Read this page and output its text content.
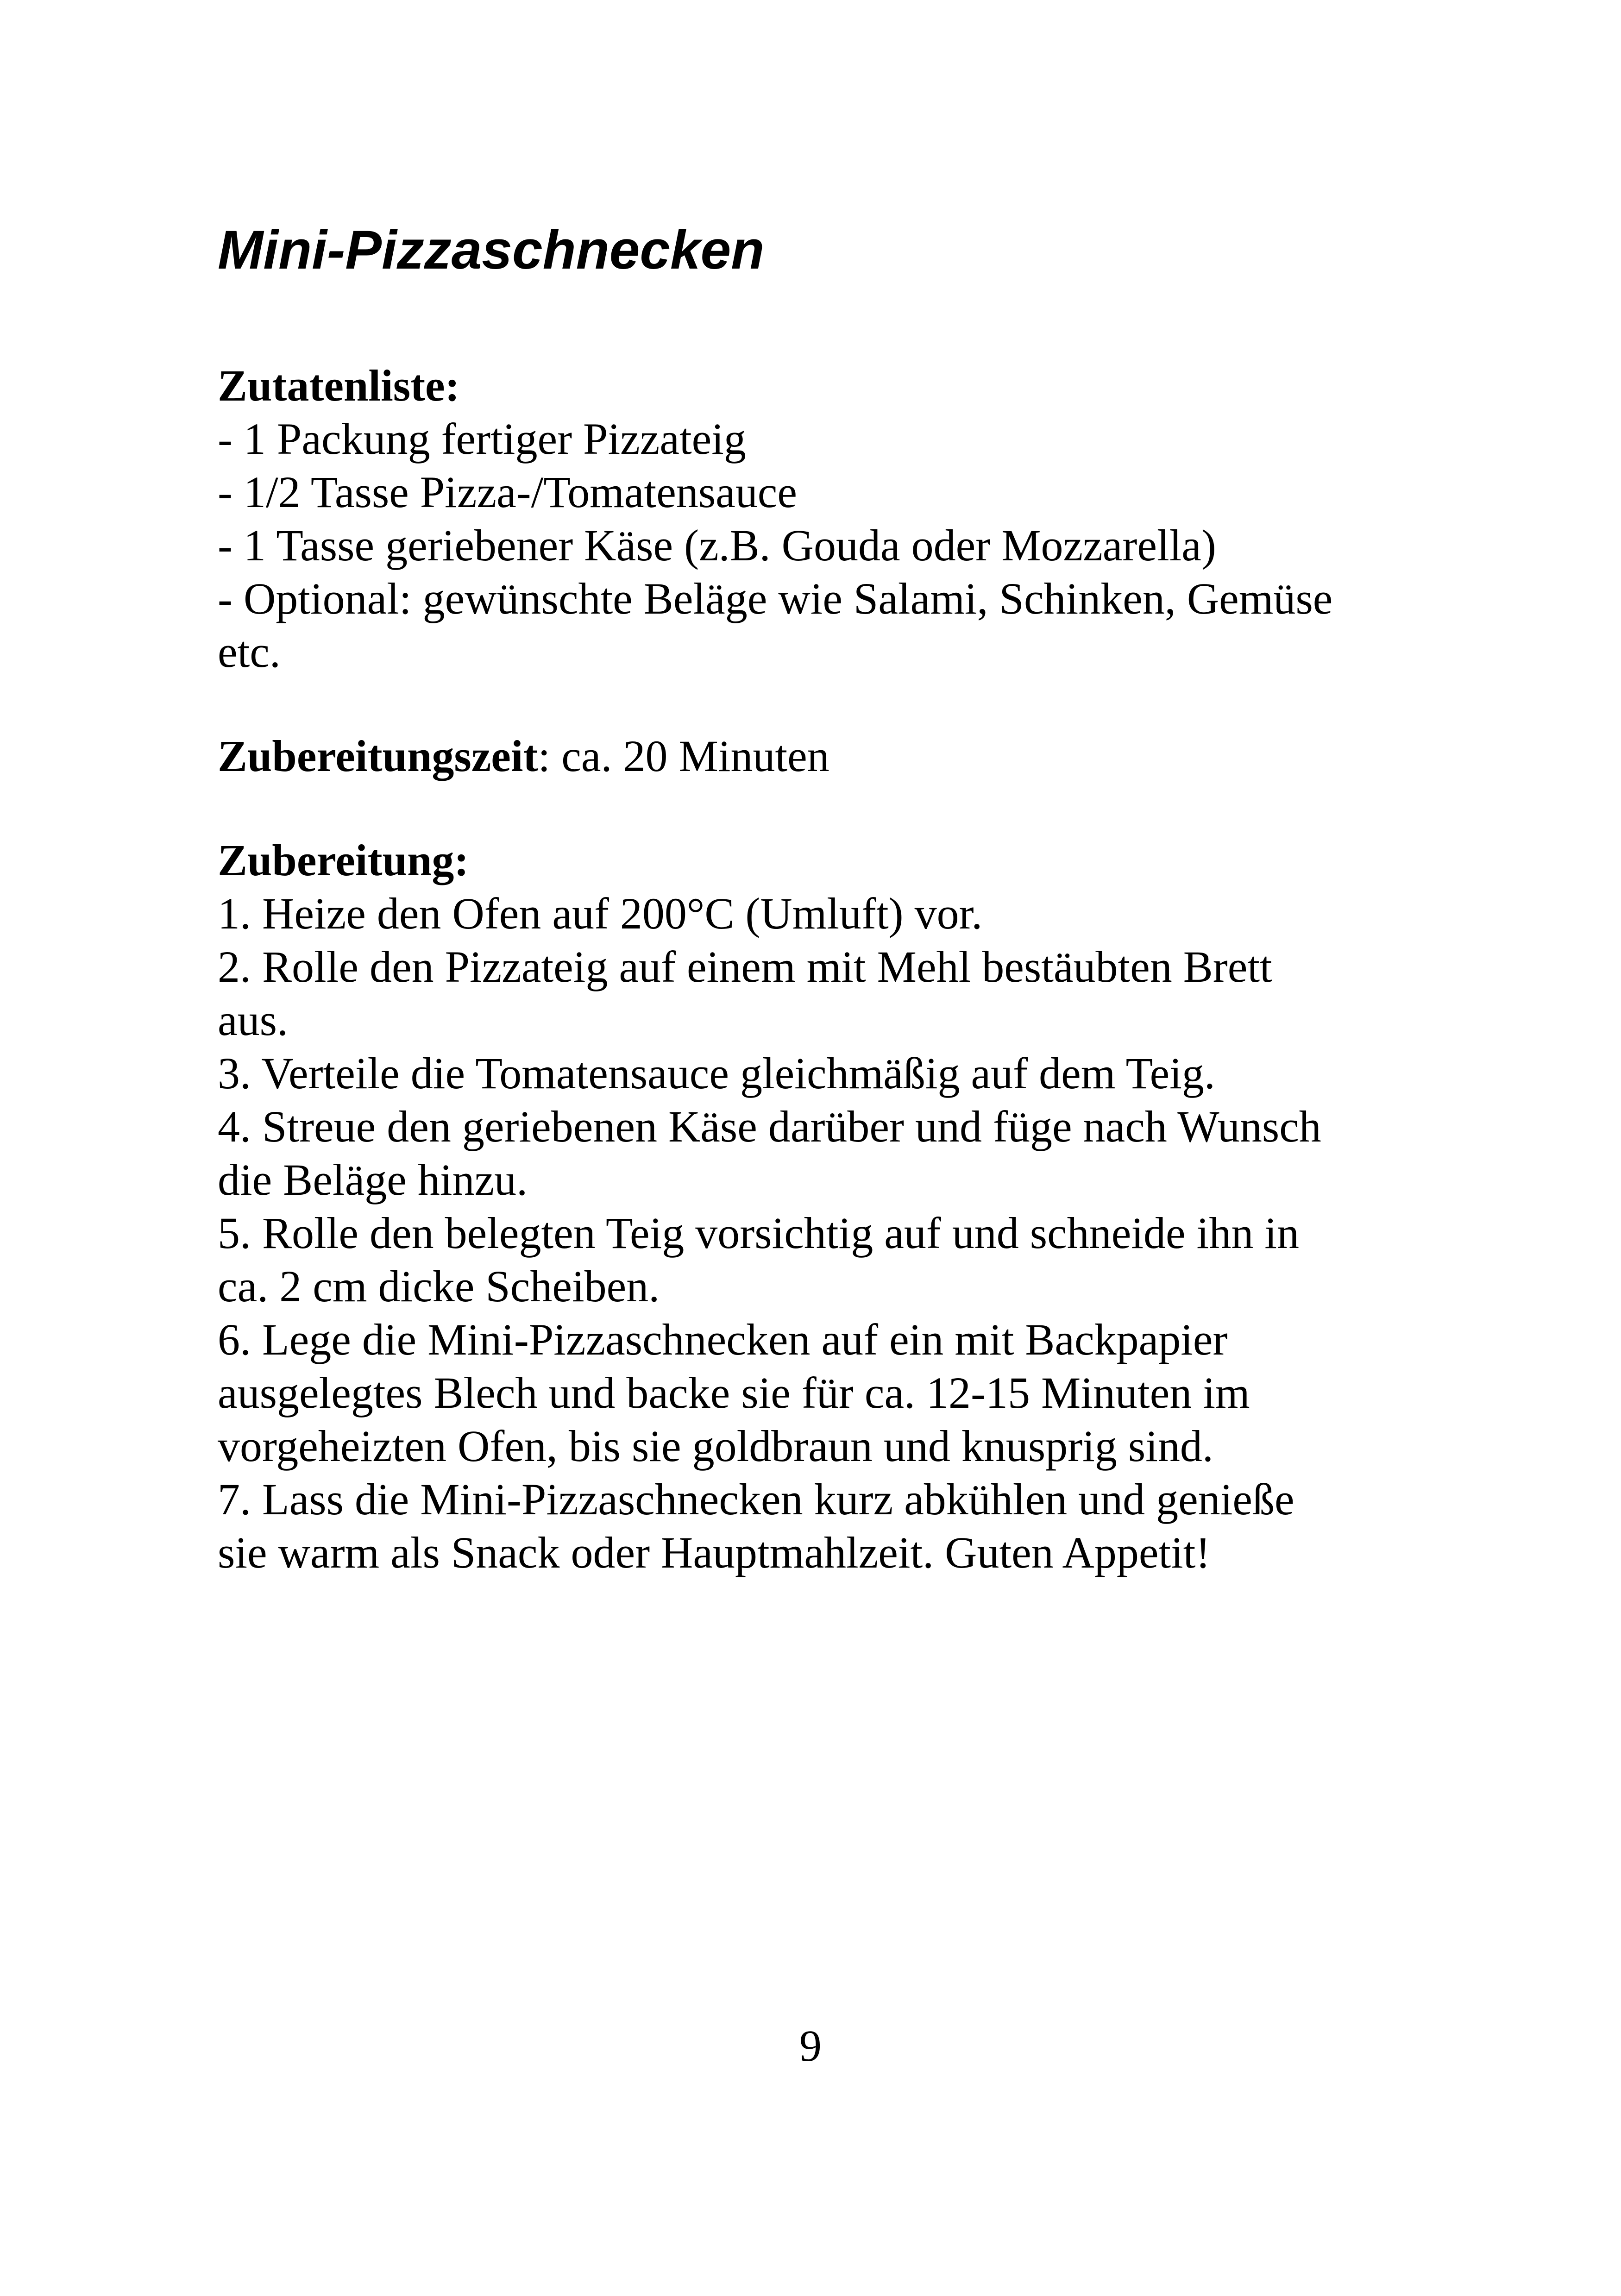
Mini-Pizzaschnecken
Zutatenliste:
- 1 Packung fertiger Pizzateig
- 1/2 Tasse Pizza-/Tomatensauce
- 1 Tasse geriebener Käse (z.B. Gouda oder Mozzarella)
- Optional: gewünschte Beläge wie Salami, Schinken, Gemüse
etc.
Zubereitungszeit: ca. 20 Minuten
Zubereitung:
1. Heize den Ofen auf 200°C (Umluft) vor.
2. Rolle den Pizzateig auf einem mit Mehl bestäubten Brett
aus.
3. Verteile die Tomatensauce gleichmäßig auf dem Teig.
4. Streue den geriebenen Käse darüber und füge nach Wunsch
die Beläge hinzu.
5. Rolle den belegten Teig vorsichtig auf und schneide ihn in
ca. 2 cm dicke Scheiben.
6. Lege die Mini-Pizzaschnecken auf ein mit Backpapier
ausgelegtes Blech und backe sie für ca. 12-15 Minuten im
vorgeheizten Ofen, bis sie goldbraun und knusprig sind.
7. Lass die Mini-Pizzaschnecken kurz abkühlen und genieße
sie warm als Snack oder Hauptmahlzeit. Guten Appetit!
9
